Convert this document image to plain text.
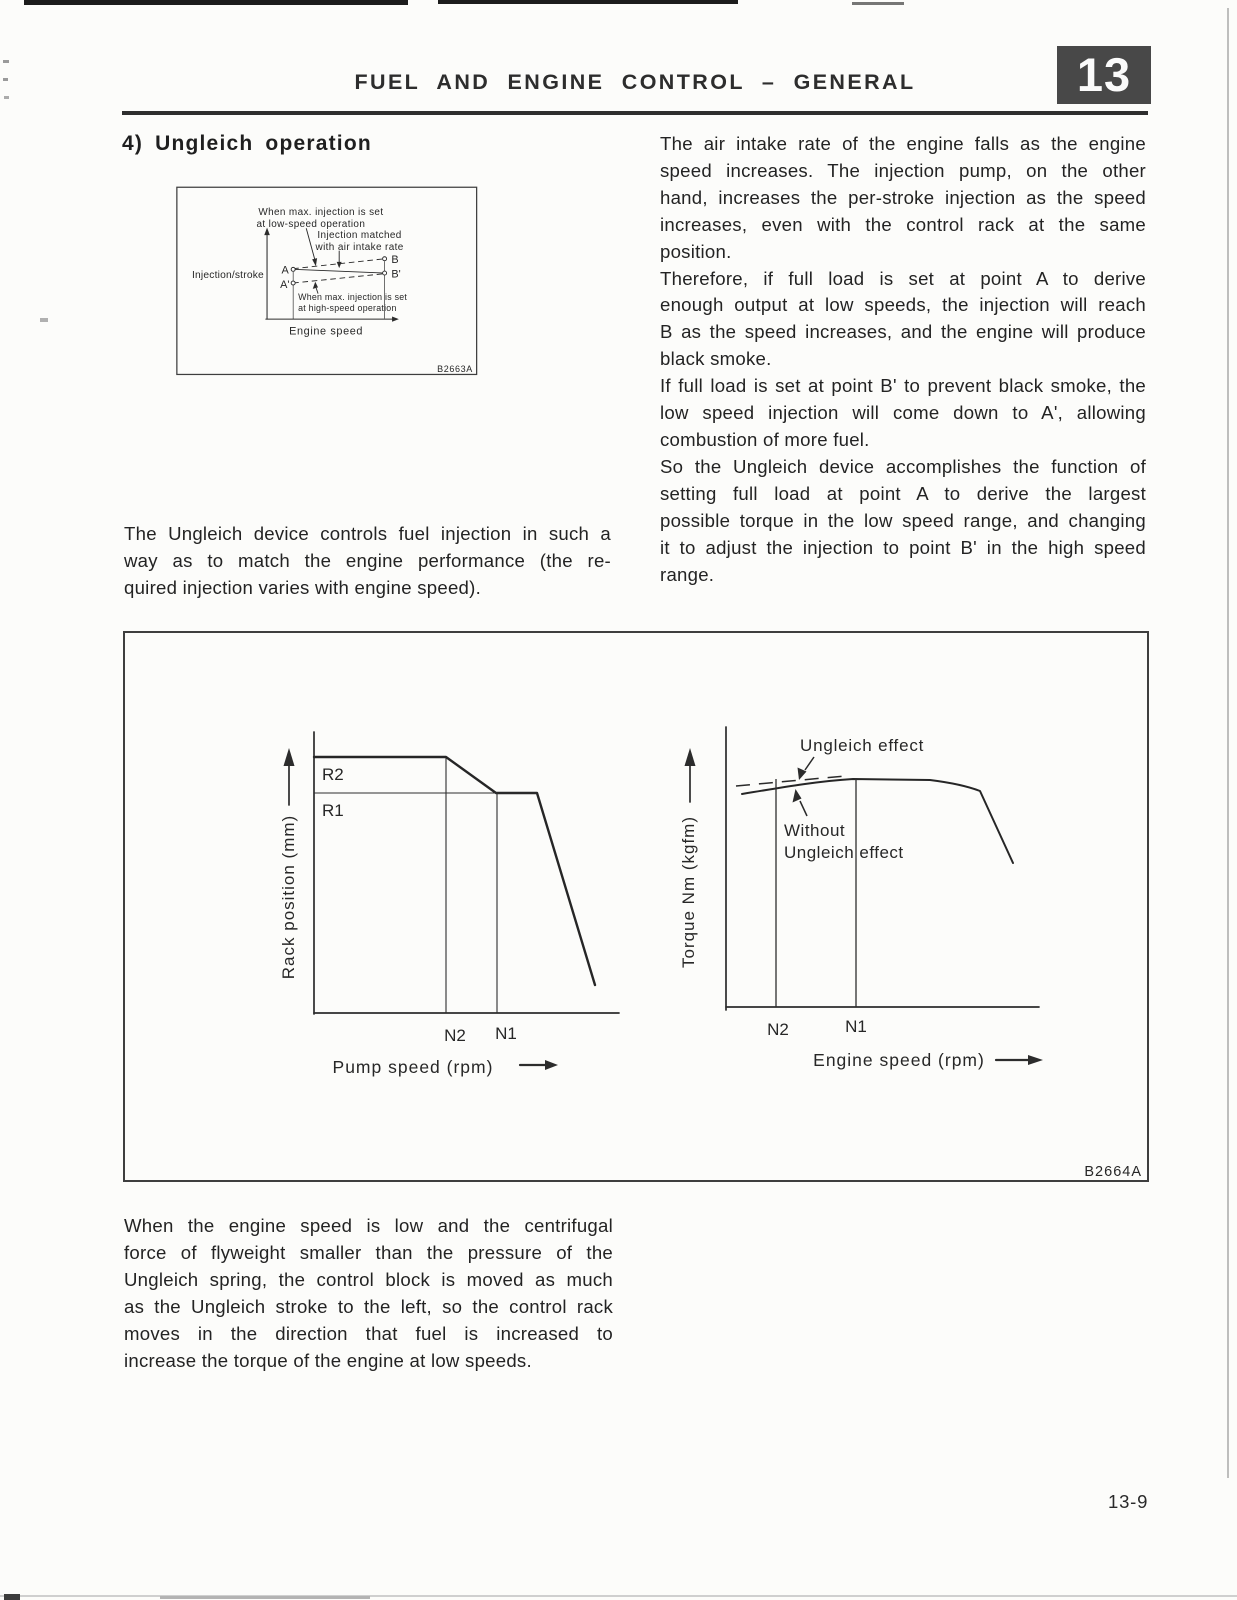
FUEL AND ENGINE CONTROL – GENERAL	13
4) Ungleich operation
When max. injection is set
at low-speed operation
Injection matched
with air intake rate
Injection/stroke A
A'
B
B'
When max. injection is set
at high-speed operation
Engine speed
B2663A
The Ungleich device controls fuel injection in such a
way as to match the engine performance (the re-
quired injection varies with engine speed).
The air intake rate of the engine falls as the engine
speed increases. The injection pump, on the other
hand, increases the per-stroke injection as the speed
increases, even with the control rack at the same
position.
Therefore, if full load is set at point A to derive
enough output at low speeds, the injection will reach
B as the speed increases, and the engine will produce
black smoke.
If full load is set at point B' to prevent black smoke, the
low speed injection will come down to A', allowing
combustion of more fuel.
So the Ungleich device accomplishes the function of
setting full load at point A to derive the largest
possible torque in the low speed range, and changing
it to adjust the injection to point B' in the high speed
range.
Rack position (mm)
R2
R1
N2 N1
Pump speed (rpm)
Torque Nm (kgfm)
Ungleich effect
Without
Ungleich effect
N2	N1
Engine speed (rpm)
B2664A
When the engine speed is low and the centrifugal
force of flyweight smaller than the pressure of the
Ungleich spring, the control block is moved as much
as the Ungleich stroke to the left, so the control rack
moves in the direction that fuel is increased to
increase the torque of the engine at low speeds.
13-9
